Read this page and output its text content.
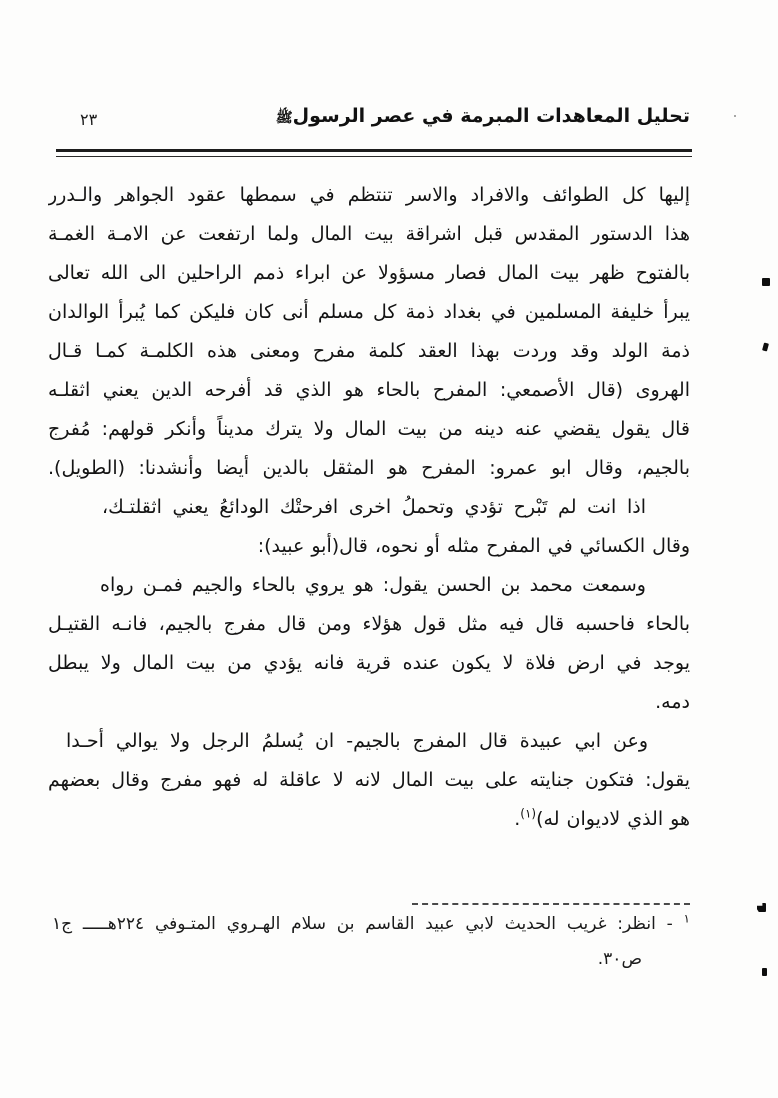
٢٣	تحليل المعاهدات المبرمة في عصر الرسولﷺ
إليها كل الطوائف والافراد والاسر تنتظم في سمطها عقود الجواهر والـدرر
هذا الدستور المقدس قبل اشراقة بيت المال ولما ارتفعت عن الامـة الغمـة
بالفتوح ظهر بيت المال فصار مسؤولا عن ابراء ذمم الراحلين الى الله تعالى
يبرأ خليفة المسلمين في بغداد ذمة كل مسلم أنى كان فليكن كما يُبرأ الوالدان
ذمة الولد وقد وردت بهذا العقد كلمة مفرح ومعنى هذه الكلمـة كمـا قـال
الهروى (قال الأصمعي: المفرح بالحاء هو الذي قد أفرحه الدين يعني اثقلـه
قال يقول يقضي عنه دينه من بيت المال ولا يترك مديناً وأنكر قولهم: مُفرج
بالجيم، وقال ابو عمرو: المفرح هو المثقل بالدين أيضا وأنشدنا: (الطويل).
اذا انت لم تَبْرح تؤدي وتحملُ اخرى افرحتْك الودائعُ يعني اثقلتـك،
وقال الكسائي في المفرح مثله أو نحوه، قال(أبو عبيد):
وسمعت محمد بن الحسن يقول: هو يروي بالحاء والجيم فمـن رواه
بالحاء فاحسبه قال فيه مثل قول هؤلاء ومن قال مفرج بالجيم، فانـه القتيـل
يوجد في ارض فلاة لا يكون عنده قرية فانه يؤدي من بيت المال ولا يبطل
دمه.
وعن ابي عبيدة قال المفرج بالجيم- ان يُسلمُ الرجل ولا يوالي أحـدا
يقول: فتكون جنايته على بيت المال لانه لا عاقلة له فهو مفرج وقال بعضهم
هو الذي لاديوان له)$^{(١)}$.
$^١$ - انظر: غريب الحديث لابي عبيد القاسم بن سلام الهـروي المتـوفي ٢٢٤هـــــ ج١
ص٣٠.
